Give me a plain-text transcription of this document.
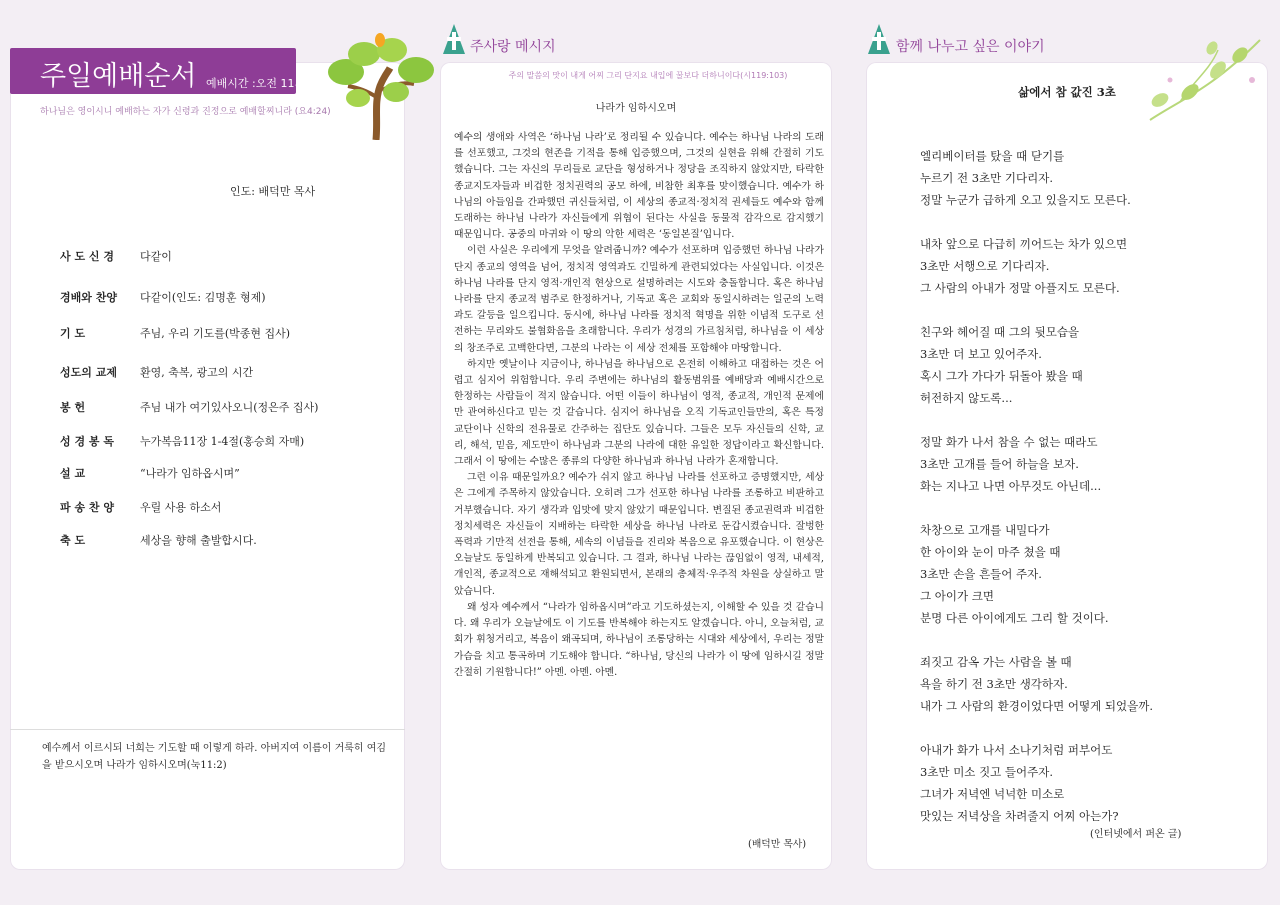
주일예배순서 예배시간 :오전 11시
하나님은 영이시니 예배하는 자가 신령과 진정으로 예배할찌니라 (요4:24)
인도: 배덕만 목사
사 도 신 경 다같이
경배와 찬양 다같이(인도: 김명훈 형제)
기 도	주님, 우리 기도를(박종현 집사)
성도의 교제 환영, 축복, 광고의 시간
봉 헌	주님 내가 여기있사오니(정은주 집사)
성 경 봉 독 누가복음11장 1-4절(홍승희 자매)
설 교	“나라가 임하옵시며”
파 송 찬 양 우릴 사용 하소서
축 도	세상을 향해 출발합시다.
예수께서 이르시되 너희는 기도할 때 이렇게 하라. 아버지여 이름이 거룩히 여김을 받으시오며 나라가 임하시오며(눅11:2)
주사랑 메시지
주의 말씀의 맛이 내게 어찌 그리 단지요 내입에 꿀보다 더하니이다(시119:103)
나라가 임하시오며

예수의 생애와 사역은 ‘하나님 나라’로 정리될 수 있습니다. 예수는 하나님 나라의 도래를 선포했고, 그것의 현존을 기적을 통해 입증했으며, 그것의 실현을 위해 간절히 기도했습니다. 그는 자신의 무리들로 교단을 형성하거나 정당을 조직하지 않았지만, 타락한 종교지도자들과 비겁한 정치권력의 공모 하에, 비참한 최후를 맞이했습니다. 예수가 하나님의 아들임을 간파했던 귀신들처럼, 이 세상의 종교적·정치적 권세들도 예수와 함께 도래하는 하나님 나라가 자신들에게 위협이 된다는 사실을 동물적 감각으로 감지했기 때문입니다. 공중의 마귀와 이 땅의 악한 세력은 ‘동일본질’입니다.

이런 사실은 우리에게 무엇을 알려줍니까? 예수가 선포하며 입증했던 하나님 나라가 단지 종교의 영역을 넘어, 정치적 영역과도 긴밀하게 관련되었다는 사실입니다. 이것은 하나님 나라를 단지 영적·개인적 현상으로 설명하려는 시도와 충돌합니다. 혹은 하나님 나라를 단지 종교적 범주로 한정하거나, 기독교 혹은 교회와 동일시하려는 일군의 노력과도 갈등을 일으킵니다. 동시에, 하나님 나라를 정치적 혁명을 위한 이념적 도구로 선전하는 무리와도 불협화음을 초래합니다. 우리가 성경의 가르침처럼, 하나님을 이 세상의 창조주로 고백한다면, 그분의 나라는 이 세상 전체를 포함해야 마땅합니다.

하지만 옛날이나 지금이나, 하나님을 하나님으로 온전히 이해하고 대접하는 것은 어렵고 심지어 위험합니다. 우리 주변에는 하나님의 활동범위를 예배당과 예배시간으로 한정하는 사람들이 적지 않습니다. 어떤 이들이 하나님이 영적, 종교적, 개인적 문제에만 관여하신다고 믿는 것 같습니다. 심지어 하나님을 오직 기독교인들만의, 혹은 특정 교단이나 신학의 전유물로 간주하는 집단도 있습니다. 그들은 모두 자신들의 신학, 교리, 해석, 믿음, 제도만이 하나님과 그분의 나라에 대한 유일한 정답이라고 확신합니다. 그래서 이 땅에는 수많은 종류의 다양한 하나님과 하나님 나라가 혼재합니다.

그런 이유 때문일까요? 예수가 쉬지 않고 하나님 나라를 선포하고 증명했지만, 세상은 그에게 주목하지 않았습니다. 오히려 그가 선포한 하나님 나라를 조롱하고 비판하고 거부했습니다. 자기 생각과 입맛에 맞지 않았기 때문입니다. 변질된 종교권력과 비겁한 정치세력은 자신들이 지배하는 타락한 세상을 하나님 나라로 둔갑시켰습니다. 잘벙한 폭력과 기만적 선전을 통해, 세속의 이념들을 진리와 복음으로 유포했습니다. 이 현상은 오늘날도 동일하게 반복되고 있습니다. 그 결과, 하나님 나라는 끊임없이 영적, 내세적, 개인적, 종교적으로 재해석되고 환원되면서, 본래의 총체적·우주적 차원을 상실하고 말았습니다.

왜 성자 예수께서 “나라가 임하옵시며”라고 기도하셨는지, 이해할 수 있을 것 같습니다. 왜 우리가 오늘날에도 이 기도를 반복해야 하는지도 알겠습니다. 아니, 오늘처럼, 교회가 휘청거리고, 복음이 왜곡되며, 하나님이 조롱당하는 시대와 세상에서, 우리는 정말 가슴을 치고 통곡하며 기도해야 합니다. “하나님, 당신의 나라가 이 땅에 임하시길 정말 간절히 기원합니다!” 아멘. 아멘. 아멘.

(배덕만 목사)
함께 나누고 싶은 이야기
삶에서 참 값진 3초
엘리베이터를 탔을 때 닫기를
누르기 전 3초만 기다리자.
정말 누군가 급하게 오고 있을지도 모른다.
내차 앞으로 다급히 끼어드는 차가 있으면
3초만 서행으로 기다리자.
그 사람의 아내가 정말 아플지도 모른다.
친구와 헤어질 때 그의 뒷모습을
3초만 더 보고 있어주자.
혹시 그가 가다가 뒤돌아 봤을 때
허전하지 않도록...
정말 화가 나서 참을 수 없는 때라도
3초만 고개를 들어 하늘을 보자.
화는 지나고 나면 아무것도 아닌데...
차창으로 고개를 내밀다가
한 아이와 눈이 마주 쳤을 때
3초만 손을 흔들어 주자.
그 아이가 크면
분명 다른 아이에게도 그리 할 것이다.
죄짓고 감옥 가는 사람을 볼 때
욕을 하기 전 3초만 생각하자.
내가 그 사람의 환경이었다면 어떻게 되었을까.
아내가 화가 나서 소나기처럼 퍼부어도
3초만 미소 짓고 들어주자.
그녀가 저녁엔 넉넉한 미소로
맛있는 저녁상을 차려줄지 어찌 아는가?
(인터넷에서 퍼온 글)
